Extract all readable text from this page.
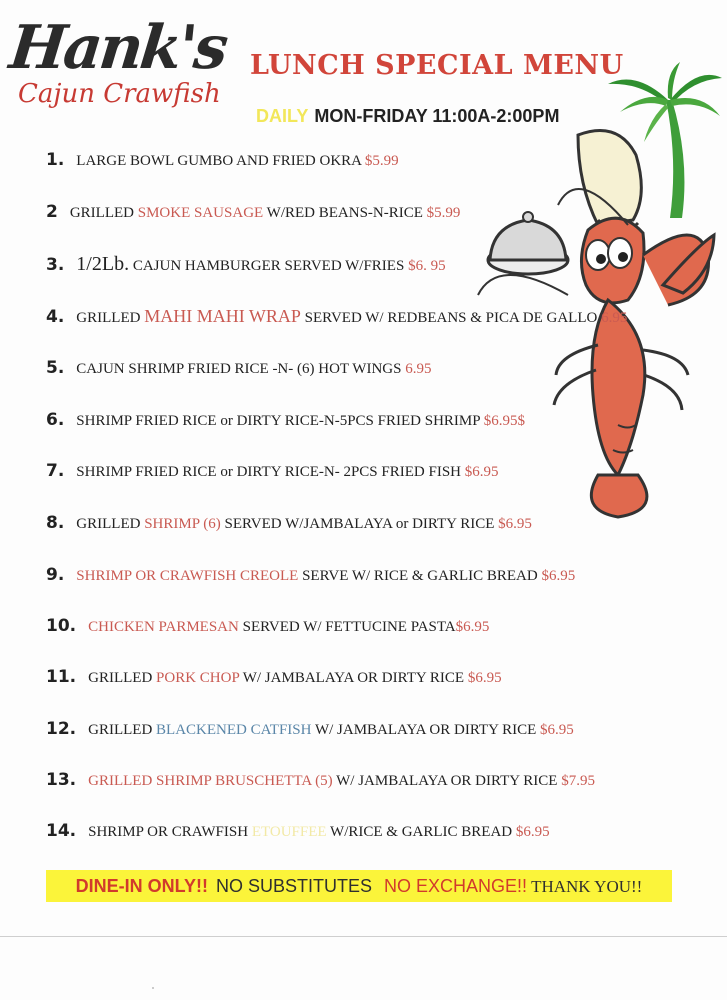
Hank's
Cajun Crawfish
LUNCH SPECIAL MENU
DAILY MON-FRIDAY 11:00A-2:00PM
1. LARGE BOWL GUMBO AND FRIED OKRA $5.99
2 GRILLED SMOKE SAUSAGE W/RED BEANS-N-RICE $5.99
3. 1/2Lb. CAJUN HAMBURGER SERVED W/FRIES $6. 95
4. GRILLED MAHI MAHI WRAP SERVED W/ REDBEANS & PICA DE GALLO 6.95
5. CAJUN SHRIMP FRIED RICE -N- (6) HOT WINGS 6.95
6. SHRIMP FRIED RICE or DIRTY RICE-N-5PCS FRIED SHRIMP $6.95$
7. SHRIMP FRIED RICE or DIRTY RICE-N- 2PCS FRIED FISH $6.95
8. GRILLED SHRIMP (6) SERVED W/JAMBALAYA or DIRTY RICE $6.95
9. SHRIMP OR CRAWFISH CREOLE SERVE W/ RICE & GARLIC BREAD $6.95
10. CHICKEN PARMESAN SERVED W/ FETTUCINE PASTA$6.95
11. GRILLED PORK CHOP W/ JAMBALAYA OR DIRTY RICE $6.95
12. GRILLED BLACKENED CATFISH W/ JAMBALAYA OR DIRTY RICE $6.95
13. GRILLED SHRIMP BRUSCHETTA (5) W/ JAMBALAYA OR DIRTY RICE $7.95
14. SHRIMP OR CRAWFISH ETOUFFEE W/RICE & GARLIC BREAD $6.95
DINE-IN ONLY!! NO SUBSTITUTES NO EXCHANGE!! THANK YOU!!
